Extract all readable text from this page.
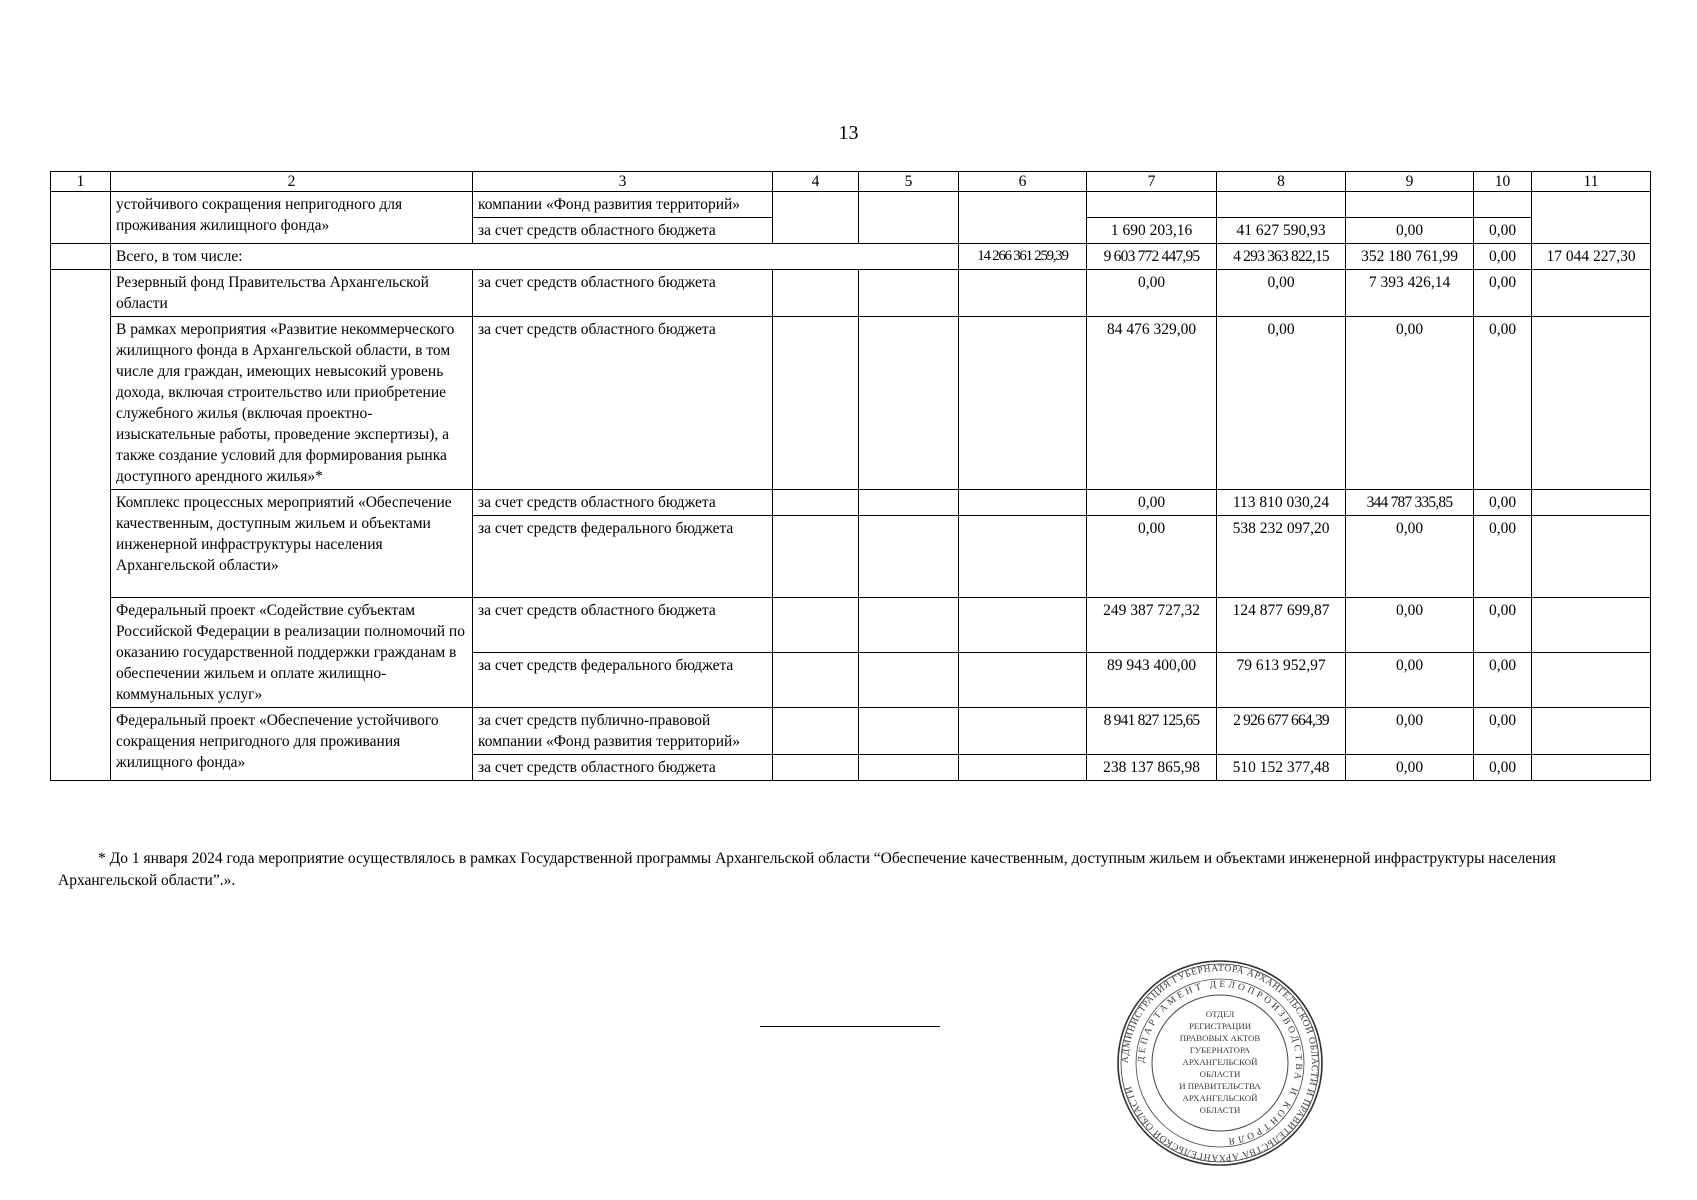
13
1	2	3	4	5	6	7	8	9	10	11
	устойчивого сокращения непригодного для проживания жилищного фонда»	компании «Фонд развития территорий»								
		за счет средств областного бюджета				1 690 203,16	41 627 590,93	0,00	0,00	
	Всего, в том числе:				14 266 361 259,39	9 603 772 447,95	4 293 363 822,15	352 180 761,99	0,00	17 044 227,30
	Резервный фонд Правительства Архангельской области	за счет средств областного бюджета				0,00	0,00	7 393 426,14	0,00	
	В рамках мероприятия «Развитие некоммерческого жилищного фонда в Архангельской области, в том числе для граждан, имеющих невысокий уровень дохода, включая строительство или приобретение служебного жилья (включая проектно-изыскательные работы, проведение экспертизы), а также создание условий для формирования рынка доступного арендного жилья»*	за счет средств областного бюджета				84 476 329,00	0,00	0,00	0,00	
	Комплекс процессных мероприятий «Обеспечение качественным, доступным жильем и объектами инженерной инфраструктуры населения Архангельской области»	за счет средств областного бюджета				0,00	113 810 030,24	344 787 335,85	0,00	
		за счет средств федерального бюджета				0,00	538 232 097,20	0,00	0,00	
	Федеральный проект «Содействие субъектам Российской Федерации в реализации полномочий по оказанию государственной поддержки гражданам в обеспечении жильем и оплате жилищно-коммунальных услуг»	за счет средств областного бюджета				249 387 727,32	124 877 699,87	0,00	0,00	
		за счет средств федерального бюджета				89 943 400,00	79 613 952,97	0,00	0,00	
	Федеральный проект «Обеспечение устойчивого сокращения непригодного для проживания жилищного фонда»	за счет средств публично-правовой компании «Фонд развития территорий»				8 941 827 125,65	2 926 677 664,39	0,00	0,00	
		за счет средств областного бюджета				238 137 865,98	510 152 377,48	0,00	0,00	
* До 1 января 2024 года мероприятие осуществлялось в рамках Государственной программы Архангельской области “Обеспечение качественным, доступным жильем и объектами инженерной инфраструктуры населения Архангельской области”.».
АДМИНИСТРАЦИЯ ГУБЕРНАТОРА АРХАНГЕЛЬСКОЙ ОБЛАСТИ И ПРАВИТЕЛЬСТВА АРХАНГЕЛЬСКОЙ ОБЛАСТИ
ДЕПАРТАМЕНТ ДЕЛОПРОИЗВОДСТВА И КОНТРОЛЯ
ОТДЕЛ
РЕГИСТРАЦИИ
ПРАВОВЫХ АКТОВ
ГУБЕРНАТОРА
АРХАНГЕЛЬСКОЙ
ОБЛАСТИ
И ПРАВИТЕЛЬСТВА
АРХАНГЕЛЬСКОЙ
ОБЛАСТИ
